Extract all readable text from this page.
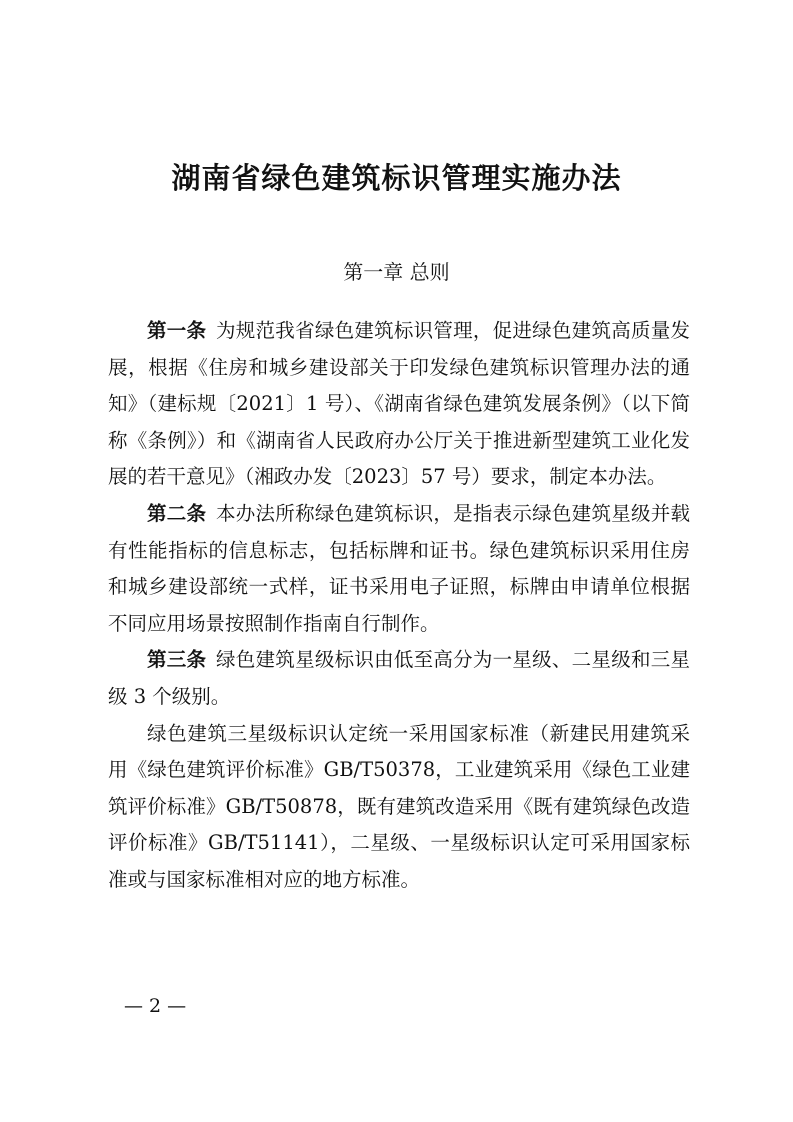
湖南省绿色建筑标识管理实施办法
第一章 总则

第一条 为规范我省绿色建筑标识管理，促进绿色建筑高质量发展，根据《住房和城乡建设部关于印发绿色建筑标识管理办法的通知》（建标规〔2021〕1 号）、《湖南省绿色建筑发展条例》（以下简称《条例》）和《湖南省人民政府办公厅关于推进新型建筑工业化发展的若干意见》（湘政办发〔2023〕57 号）要求，制定本办法。

第二条 本办法所称绿色建筑标识，是指表示绿色建筑星级并载有性能指标的信息标志，包括标牌和证书。绿色建筑标识采用住房和城乡建设部统一式样，证书采用电子证照，标牌由申请单位根据不同应用场景按照制作指南自行制作。

第三条 绿色建筑星级标识由低至高分为一星级、二星级和三星级 3 个级别。

绿色建筑三星级标识认定统一采用国家标准（新建民用建筑采用《绿色建筑评价标准》GB/T50378，工业建筑采用《绿色工业建筑评价标准》GB/T50878，既有建筑改造采用《既有建筑绿色改造评价标准》GB/T51141），二星级、一星级标识认定可采用国家标准或与国家标准相对应的地方标准。

— 2 —
